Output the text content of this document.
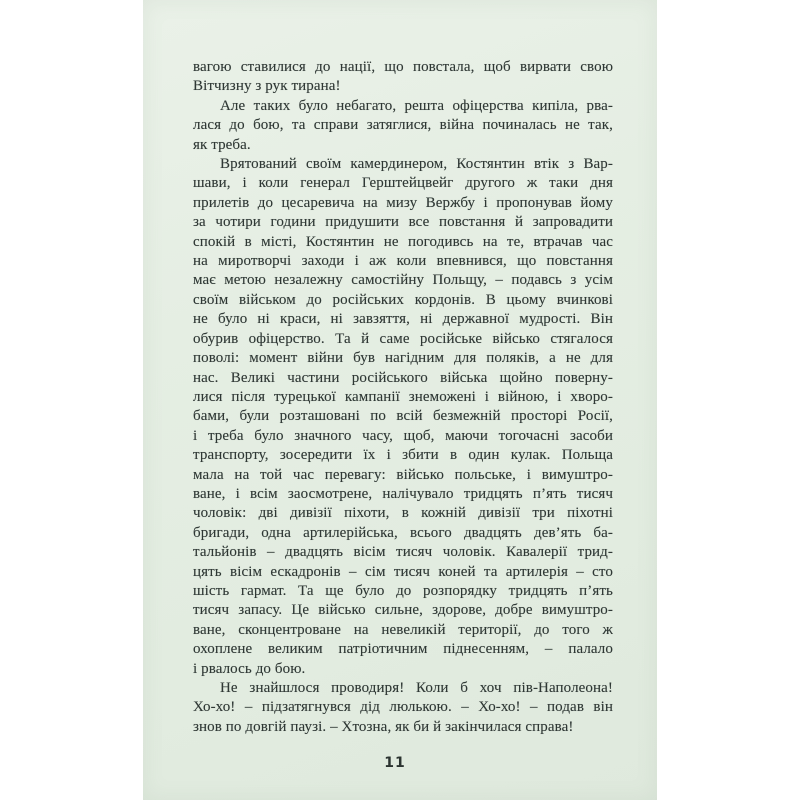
вагою ставилися до нації, що повстала, щоб вирвати свою
Вітчизну з рук тирана!
Але таких було небагато, решта офіцерства кипіла, рва-
лася до бою, та справи затяглися, війна починалась не так,
як треба.
Врятований своїм камердинером, Костянтин втік з Вар-
шави, і коли генерал Герштейцвейг другого ж таки дня
прилетів до цесаревича на мизу Вержбу і пропонував йому
за чотири години придушити все повстання й запровадити
спокій в місті, Костянтин не погодивсь на те, втрачав час
на миротворчі заходи і аж коли впевнився, що повстання
має метою незалежну самостійну Польщу, – подавсь з усім
своїм військом до російських кордонів. В цьому вчинкові
не було ні краси, ні завзяття, ні державної мудрості. Він
обурив офіцерство. Та й саме російське військо стягалося
поволі: момент війни був нагідним для поляків, а не для
нас. Великі частини російського війська щойно поверну-
лися після турецької кампанії знеможені і війною, і хворо-
бами, були розташовані по всій безмежній просторі Росії,
і треба було значного часу, щоб, маючи тогочасні засоби
транспорту, зосередити їх і збити в один кулак. Польща
мала на той час перевагу: військо польське, і вимуштро-
ване, і всім заосмотрене, налічувало тридцять п’ять тисяч
чоловік: дві дивізії піхоти, в кожній дивізії три піхотні
бригади, одна артилерійська, всього двадцять дев’ять ба-
тальйонів – двадцять вісім тисяч чоловік. Кавалерії трид-
цять вісім ескадронів – сім тисяч коней та артилерія – сто
шість гармат. Та ще було до розпорядку тридцять п’ять
тисяч запасу. Це військо сильне, здорове, добре вимуштро-
ване, сконцентроване на невеликій території, до того ж
охоплене великим патріотичним піднесенням, – палало
і рвалось до бою.
Не знайшлося проводиря! Коли б хоч пів-Наполеона!
Хо-хо! – підзатягнувся дід люлькою. – Хо-хо! – подав він
знов по довгій паузі. – Хтозна, як би й закінчилася справа!
11
